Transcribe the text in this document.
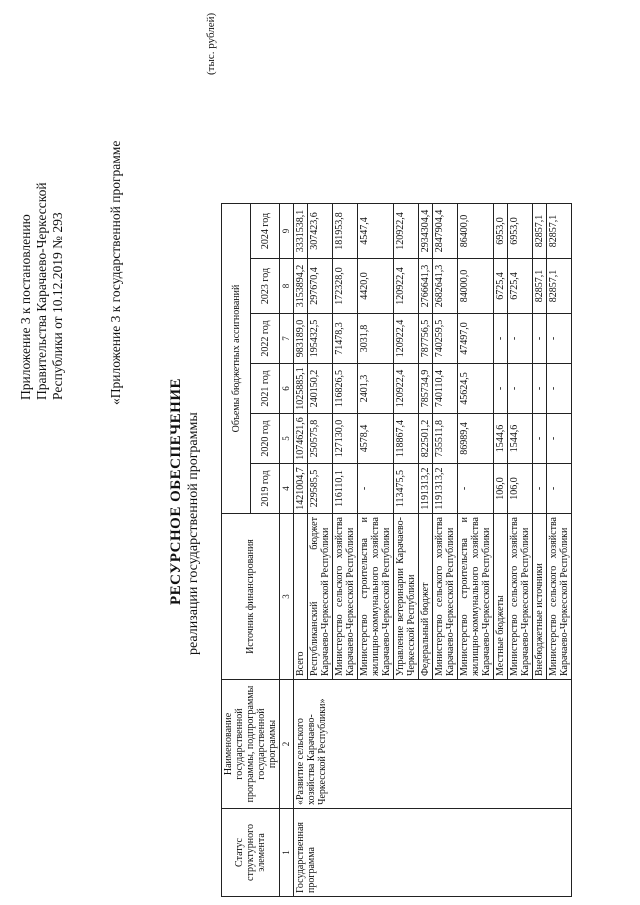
Приложение 3 к постановлению Правительства Карачаево-Черкесской Республики от 10.12.2019 № 293	«Приложение 3 к государственной программе
РЕСУРСНОЕ ОБЕСПЕЧЕНИЕ реализации государственной программы
(тыс. рублей)
Статус структурного элемента	Наименование государственной программы, подпрограммы государственной программы	Источник финансирования	Объемы бюджетных ассигнований					
			2019 год	2020 год	2021 год	2022 год	2023 год	2024 год
1	2	3	4	5	6	7	8	9
Государственная программа	«Развитие сельского хозяйства Карачаево-Черкесской Республики»	Всего	1421004,7	1074621,6	1025885,1	983189,0	3153894,2	3331538,1
		Республиканский бюджет Карачаево-Черкесской Республики	229585,5	250575,8	240150,2	195432,5	297670,4	307423,6
		Министерство сельского хозяйства Карачаево-Черкесской Республики	116110,1	127130,0	116826,5	71478,3	172328,0	181953,8
		Министерство строительства и жилищно-коммунального хозяйства Карачаево-Черкесской Республики	-	4578,4	2401,3	3031,8	4420,0	4547,4
		Управление ветеринарии Карачаево-Черкесской Республики	113475,5	118867,4	120922,4	120922,4	120922,4	120922,4
		Федеральный бюджет	1191313,2	822501,2	785734,9	787756,5	2766641,3	2934304,4
		Министерство сельского хозяйства Карачаево-Черкесской Республики	1191313,2	735511,8	740110,4	740259,5	2682641,3	2847904,4
		Министерство строительства и жилищно-коммунального хозяйства Карачаево-Черкесской Республики	-	86989,4	45624,5	47497,0	84000,0	86400,0
		Местные бюджеты	106,0	1544,6	-	-	6725,4	6953,0
		Министерство сельского хозяйства Карачаево-Черкесской Республики	106,0	1544,6	-	-	6725,4	6953,0
		Внебюджетные источники	-	-	-	-	82857,1	82857,1
		Министерство сельского хозяйства Карачаево-Черкесской Республики	-	-	-	-	82857,1	82857,1
